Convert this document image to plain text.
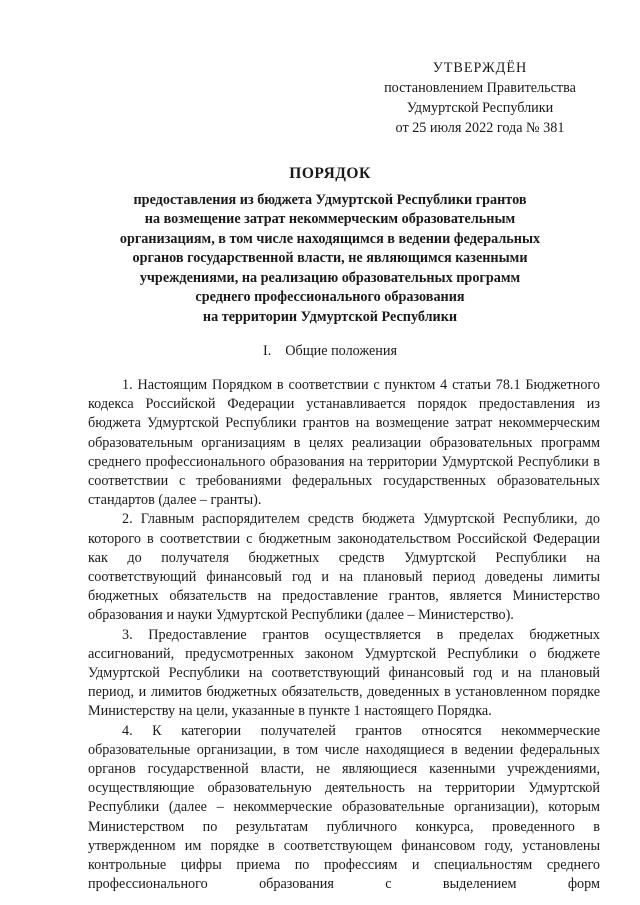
УТВЕРЖДЁН
постановлением Правительства
Удмуртской Республики
от 25 июля 2022 года № 381
ПОРЯДОК
предоставления из бюджета Удмуртской Республики грантов
на возмещение затрат некоммерческим образовательным
организациям, в том числе находящимся в ведении федеральных
органов государственной власти, не являющимся казенными
учреждениями, на реализацию образовательных программ
среднего профессионального образования
на территории Удмуртской Республики
I. Общие положения

1. Настоящим Порядком в соответствии с пунктом 4 статьи 78.1 Бюджетного кодекса Российской Федерации устанавливается порядок предоставления из бюджета Удмуртской Республики грантов на возмещение затрат некоммерческим образовательным организациям в целях реализации образовательных программ среднего профессионального образования на территории Удмуртской Республики в соответствии с требованиями федеральных государственных образовательных стандартов (далее – гранты).

2. Главным распорядителем средств бюджета Удмуртской Республики, до которого в соответствии с бюджетным законодательством Российской Федерации как до получателя бюджетных средств Удмуртской Республики на соответствующий финансовый год и на плановый период доведены лимиты бюджетных обязательств на предоставление грантов, является Министерство образования и науки Удмуртской Республики (далее – Министерство).

3. Предоставление грантов осуществляется в пределах бюджетных ассигнований, предусмотренных законом Удмуртской Республики о бюджете Удмуртской Республики на соответствующий финансовый год и на плановый период, и лимитов бюджетных обязательств, доведенных в установленном порядке Министерству на цели, указанные в пункте 1 настоящего Порядка.

4. К категории получателей грантов относятся некоммерческие образовательные организации, в том числе находящиеся в ведении федеральных органов государственной власти, не являющиеся казенными учреждениями, осуществляющие образовательную деятельность на территории Удмуртской Республики (далее – некоммерческие образовательные организации), которым Министерством по результатам публичного конкурса, проведенного в утвержденном им порядке в соответствующем финансовом году, установлены контрольные цифры приема по профессиям и специальностям среднего профессионального образования с выделением форм
